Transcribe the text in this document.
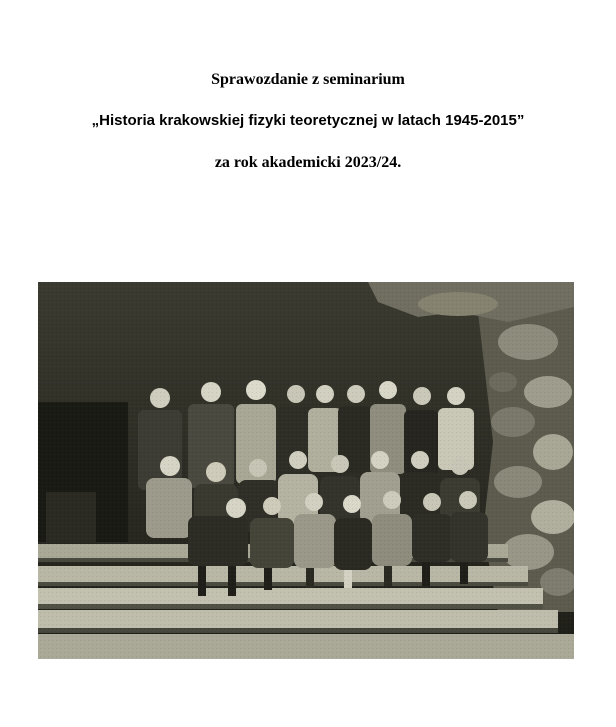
Sprawozdanie z seminarium
„Historia krakowskiej fizyki teoretycznej w latach 1945-2015”
za rok akademicki 2023/24.
